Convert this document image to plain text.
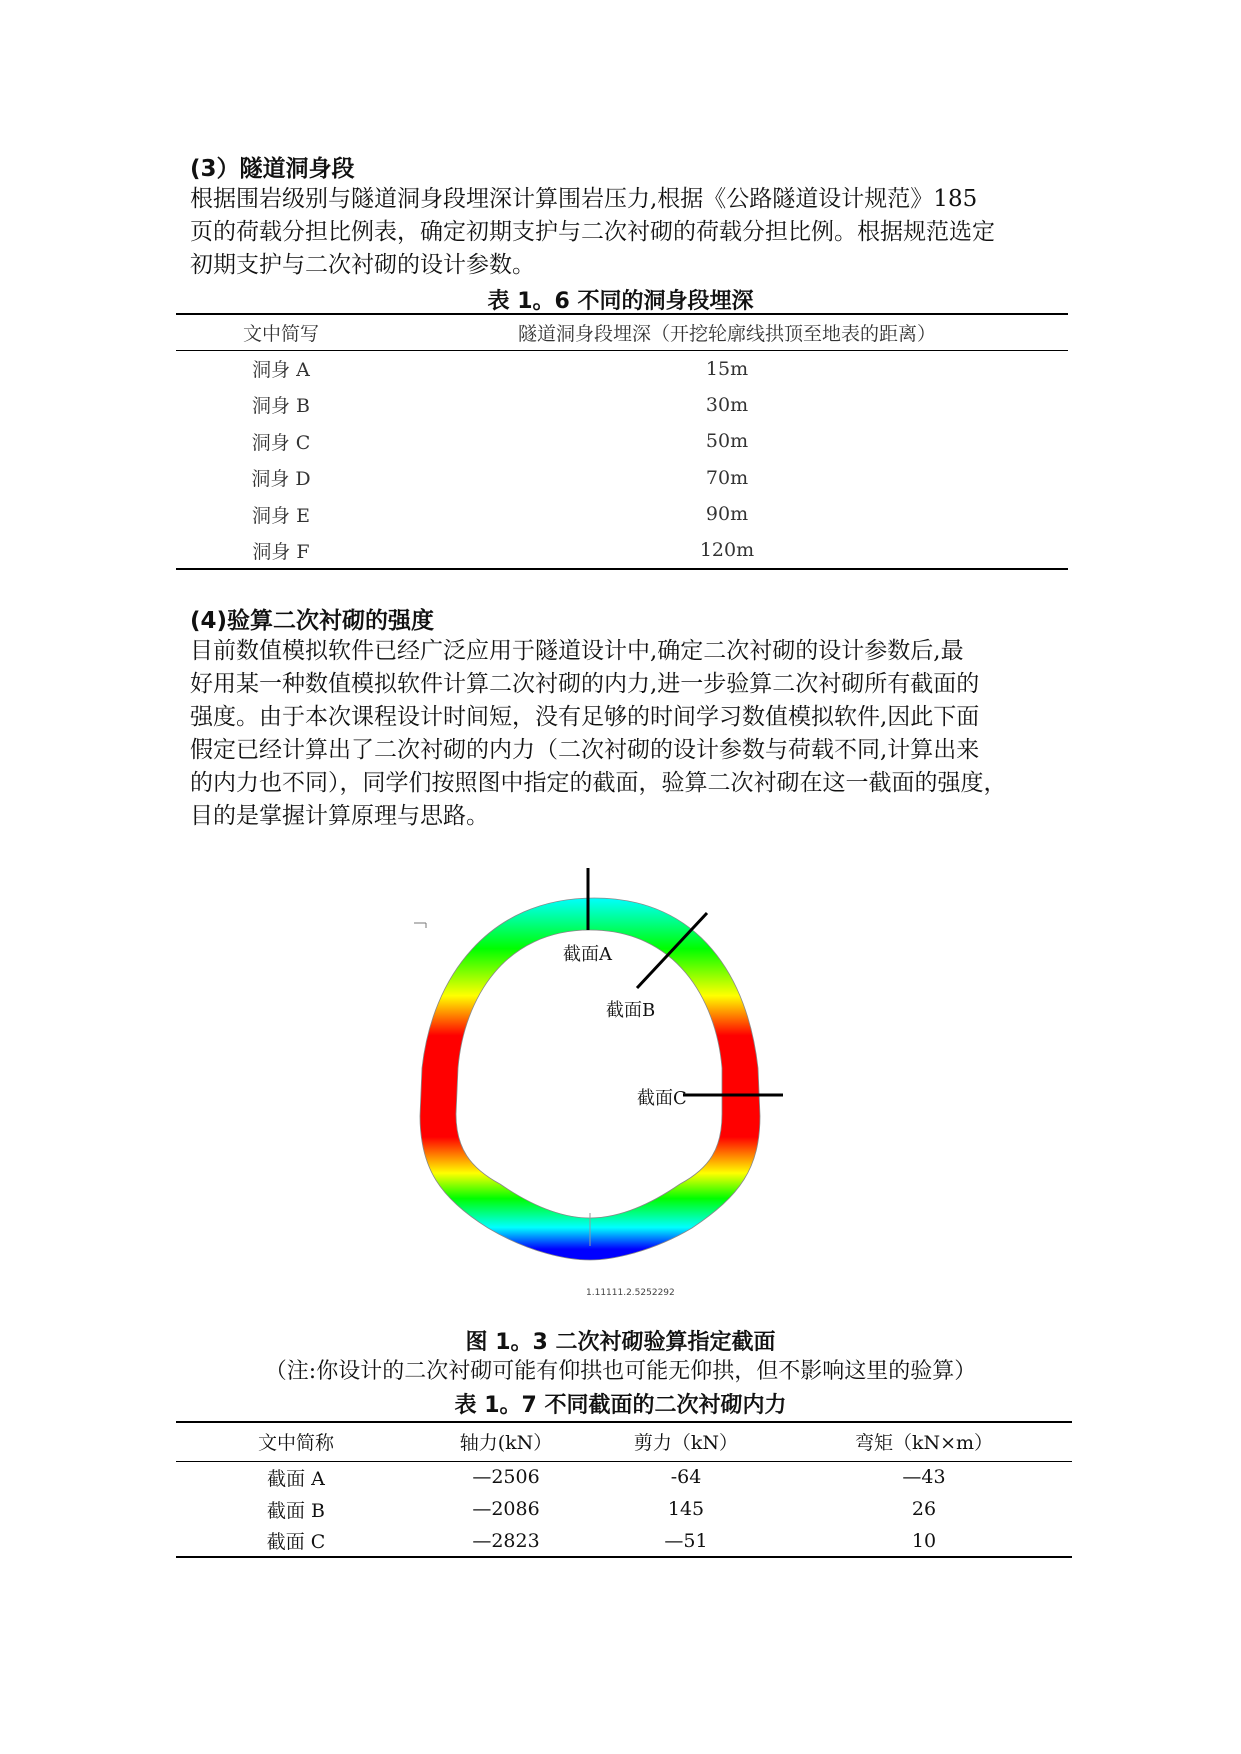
(3）隧道洞身段
根据围岩级别与隧道洞身段埋深计算围岩压力,根据《公路隧道设计规范》185
页的荷载分担比例表，确定初期支护与二次衬砌的荷载分担比例。根据规范选定
初期支护与二次衬砌的设计参数。
表 1。6 不同的洞身段埋深
文中简写	隧道洞身段埋深（开挖轮廓线拱顶至地表的距离）
洞身 A	15m
洞身 B	30m
洞身 C	50m
洞身 D	70m
洞身 E	90m
洞身 F	120m
(4)验算二次衬砌的强度
目前数值模拟软件已经广泛应用于隧道设计中,确定二次衬砌的设计参数后,最
好用某一种数值模拟软件计算二次衬砌的内力,进一步验算二次衬砌所有截面的
强度。由于本次课程设计时间短，没有足够的时间学习数值模拟软件,因此下面
假定已经计算出了二次衬砌的内力（二次衬砌的设计参数与荷载不同,计算出来
的内力也不同），同学们按照图中指定的截面，验算二次衬砌在这一截面的强度，
目的是掌握计算原理与思路。
截面A
截面B
截面C
1.11111.2.5252292
图 1。3 二次衬砌验算指定截面
（注:你设计的二次衬砌可能有仰拱也可能无仰拱，但不影响这里的验算）
表 1。7 不同截面的二次衬砌内力
文中简称	轴力(kN）	剪力（kN）	弯矩（kN×m）
截面 A	—2506	-64	—43
截面 B	—2086	145	26
截面 C	—2823	—51	10
